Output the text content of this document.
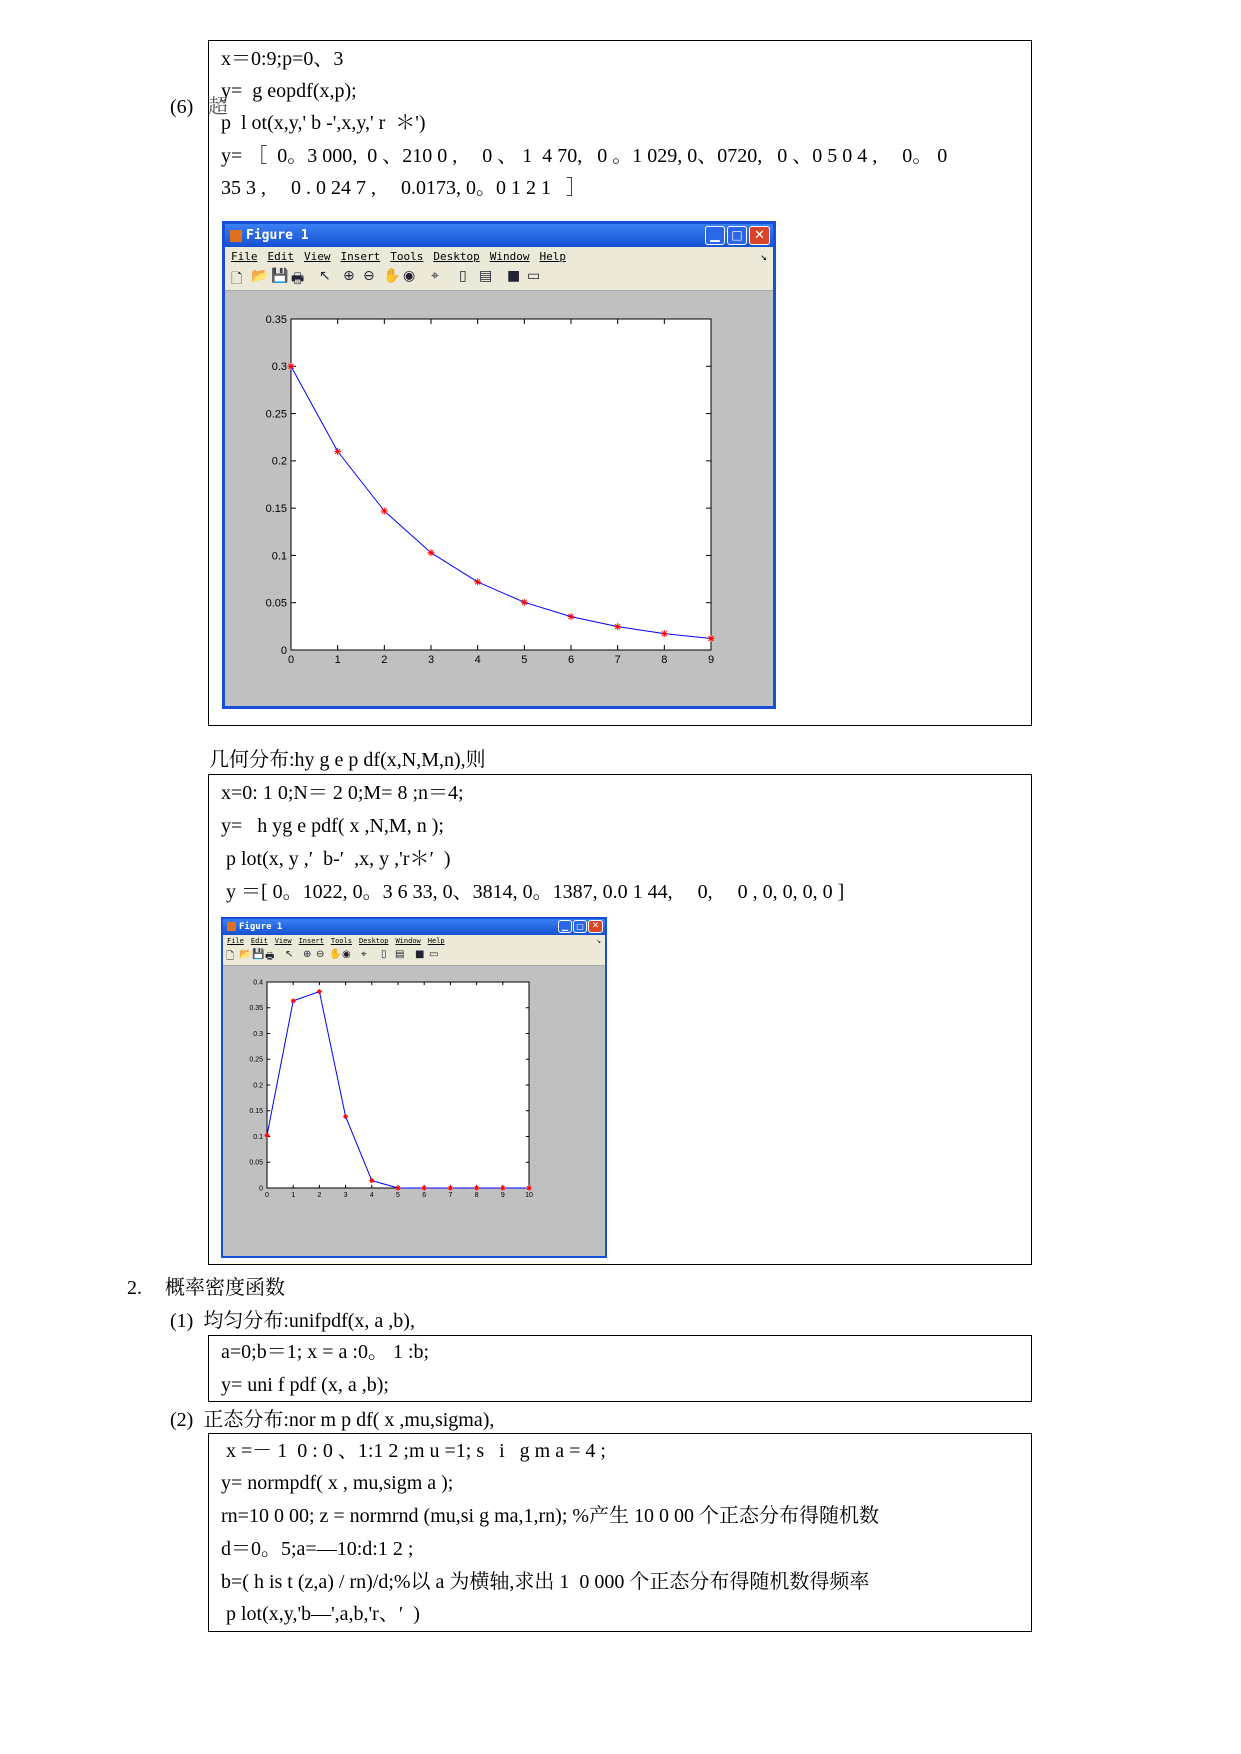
x＝0:9;p=0、3
y=  g eopdf(x,p);
p  l ot(x,y,' b -',x,y,' r  ＊')
y= ［  0。3 000,  0 、210 0 ,     0 、 1  4 70,   0 。1 029, 0、0720,   0 、0 5 0 4 ,     0。 0
35 3 ,     0 . 0 24 7 ,     0.0173, 0。0 1 2 1   ］
Figure 1	▁ □ ✕
File Edit View Insert Tools Desktop Window Help	↘
🗋 📂 💾 🖶 ↖ ⊕ ⊖ ✋ ◉ ⌖ ▯ ▤ ■ ▭
0	1	2	3	4	5	6	7	8	9
0
0.05
0.1
0.15
0.2
0.25
0.3
0.35
(6) 超
几何分布:hy g e p df(x,N,M,n),则
x=0: 1 0;N＝ 2 0;M= 8 ;n＝4;
y=   h yg e pdf( x ,N,M, n );
p lot(x, y ,′  b-′  ,x, y ,'r＊′  )
y ＝[ 0。1022, 0。3 6 33, 0、3814, 0。1387, 0.0 1 44,     0,     0 , 0, 0, 0, 0 ]
Figure 1	▁	□ ✕
File Edit View Insert Tools Desktop Window Help	↘
🗋 📂 💾 🖶 ↖ ⊕ ⊖ ✋ ◉ ⌖ ▯ ▤ ■ ▭
0	1	2	3	4	5	6	7	8	9	10
0
0.05
0.1
0.15
0.2
0.25
0.3
0.35
0.4
2. 概率密度函数
(1)  均匀分布:unifpdf(x, a ,b),
a=0;b＝1; x = a :0。 1 :b;
y= uni f pdf (x, a ,b);
(2)  正态分布:nor m p df( x ,mu,sigma),
x =－ 1  0 : 0 、1:1 2 ;m u =1; s   i   g m a = 4 ;
y= normpdf( x , mu,sigm a );
rn=10 0 00; z = normrnd (mu,si g ma,1,rn); %产生 10 0 00 个正态分布得随机数
d＝0。5;a=—10:d:1 2 ;
b=( h is t (z,a) / rn)/d;%以 a 为横轴,求出 1  0 000 个正态分布得随机数得频率
p lot(x,y,'b—',a,b,'r、′  )
